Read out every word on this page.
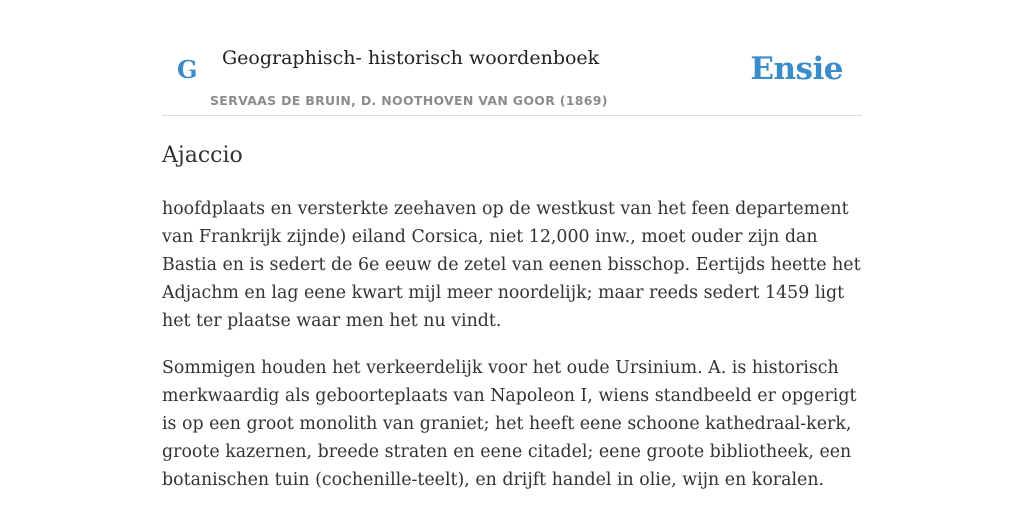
G Geographisch- historisch woordenboek
SERVAAS DE BRUIN, D. NOOTHOVEN VAN GOOR (1869)
Ensie
Ajaccio

hoofdplaats en versterkte zeehaven op de westkust van het feen departement van Frankrijk zijnde) eiland Corsica, niet 12,000 inw., moet ouder zijn dan Bastia en is sedert de 6e eeuw de zetel van eenen bisschop. Eertijds heette het Adjachm en lag eene kwart mijl meer noordelijk; maar reeds sedert 1459 ligt het ter plaatse waar men het nu vindt.

Sommigen houden het verkeerdelijk voor het oude Ursinium. A. is historisch merkwaardig als geboorteplaats van Napoleon I, wiens standbeeld er opgerigt is op een groot monolith van graniet; het heeft eene schoone kathedraal-kerk, groote kazernen, breede straten en eene citadel; eene groote bibliotheek, een botanischen tuin (cochenille-teelt), en drijft handel in olie, wijn en koralen.
